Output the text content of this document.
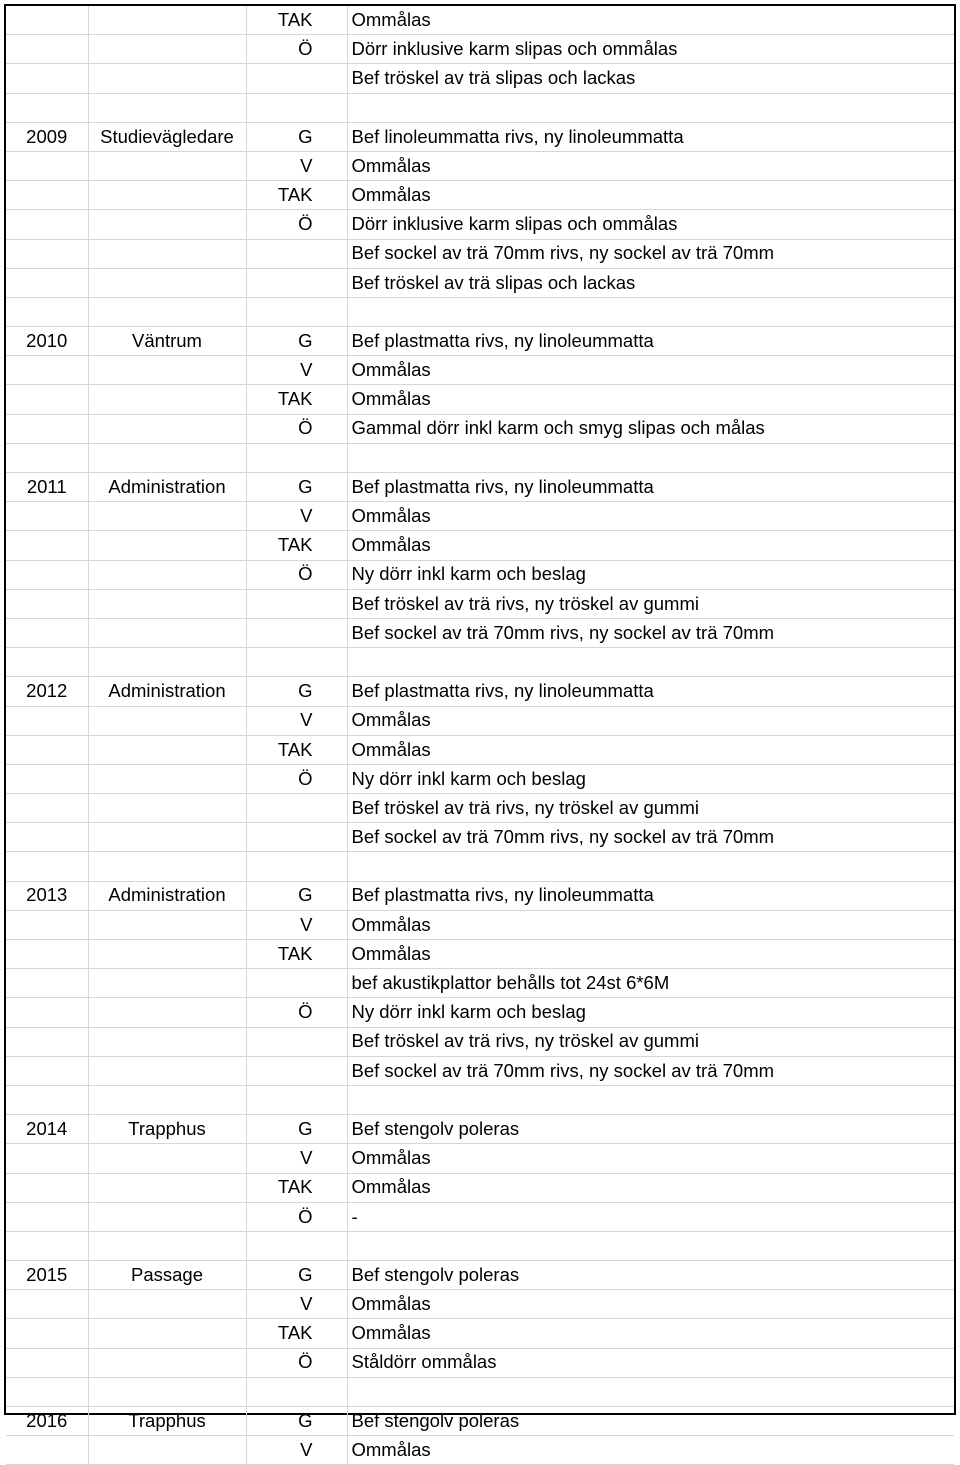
		TAK	Ommålas
		Ö	Dörr inklusive karm slipas och ommålas
			Bef tröskel av trä slipas och lackas

2009	Studievägledare	G	Bef linoleummatta rivs, ny linoleummatta
		V	Ommålas
		TAK	Ommålas
		Ö	Dörr inklusive karm slipas och ommålas
			Bef sockel av trä 70mm rivs, ny sockel av trä 70mm
			Bef tröskel av trä slipas och lackas

2010	Väntrum	G	Bef plastmatta rivs, ny linoleummatta
		V	Ommålas
		TAK	Ommålas
		Ö	Gammal dörr inkl karm och smyg slipas och målas

2011	Administration	G	Bef plastmatta rivs, ny linoleummatta
		V	Ommålas
		TAK	Ommålas
		Ö	Ny dörr inkl karm och beslag
			Bef tröskel av trä rivs, ny tröskel av gummi
			Bef sockel av trä 70mm rivs, ny sockel av trä 70mm

2012	Administration	G	Bef plastmatta rivs, ny linoleummatta
		V	Ommålas
		TAK	Ommålas
		Ö	Ny dörr inkl karm och beslag
			Bef tröskel av trä rivs, ny tröskel av gummi
			Bef sockel av trä 70mm rivs, ny sockel av trä 70mm

2013	Administration	G	Bef plastmatta rivs, ny linoleummatta
		V	Ommålas
		TAK	Ommålas
			bef akustikplattor behålls tot 24st 6*6M
		Ö	Ny dörr inkl karm och beslag
			Bef tröskel av trä rivs, ny tröskel av gummi
			Bef sockel av trä 70mm rivs, ny sockel av trä 70mm

2014	Trapphus	G	Bef stengolv poleras
		V	Ommålas
		TAK	Ommålas
		Ö	-

2015	Passage	G	Bef stengolv poleras
		V	Ommålas
		TAK	Ommålas
		Ö	Ståldörr ommålas

2016	Trapphus	G	Bef stengolv poleras
		V	Ommålas
